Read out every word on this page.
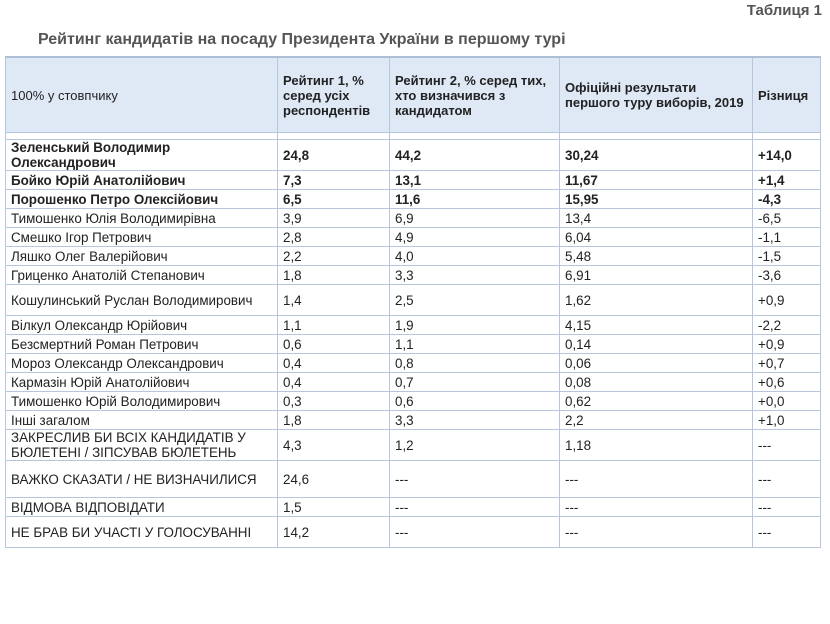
Таблиця 1
Рейтинг кандидатів на посаду Президента України в першому турі
100% у стовпчику	Рейтинг 1, % серед усіх респондентів	Рейтинг 2, % серед тих, хто визначився з кандидатом	Офіційні результати першого туру виборів, 2019	Різниця

Зеленський Володимир Олександрович	24,8	44,2	30,24	+14,0
Бойко Юрій Анатолійович	7,3	13,1	11,67	+1,4
Порошенко Петро Олексійович	6,5	11,6	15,95	-4,3
Тимошенко Юлія Володимирівна	3,9	6,9	13,4	-6,5
Смешко Ігор Петрович	2,8	4,9	6,04	-1,1
Ляшко Олег Валерійович	2,2	4,0	5,48	-1,5
Гриценко Анатолій Степанович	1,8	3,3	6,91	-3,6
Кошулинський Руслан Володимирович	1,4	2,5	1,62	+0,9
Вілкул Олександр Юрійович	1,1	1,9	4,15	-2,2
Безсмертний Роман Петрович	0,6	1,1	0,14	+0,9
Мороз Олександр Олександрович	0,4	0,8	0,06	+0,7
Кармазін Юрій Анатолійович	0,4	0,7	0,08	+0,6
Тимошенко Юрій Володимирович	0,3	0,6	0,62	+0,0
Інші загалом	1,8	3,3	2,2	+1,0
ЗАКРЕСЛИВ БИ ВСІХ КАНДИДАТІВ У БЮЛЕТЕНІ / ЗІПСУВАВ БЮЛЕТЕНЬ	4,3	1,2	1,18	---
ВАЖКО СКАЗАТИ / НЕ ВИЗНАЧИЛИСЯ	24,6	---	---	---
ВІДМОВА ВІДПОВІДАТИ	1,5	---	---	---
НЕ БРАВ БИ УЧАСТІ У ГОЛОСУВАННІ	14,2	---	---	---
